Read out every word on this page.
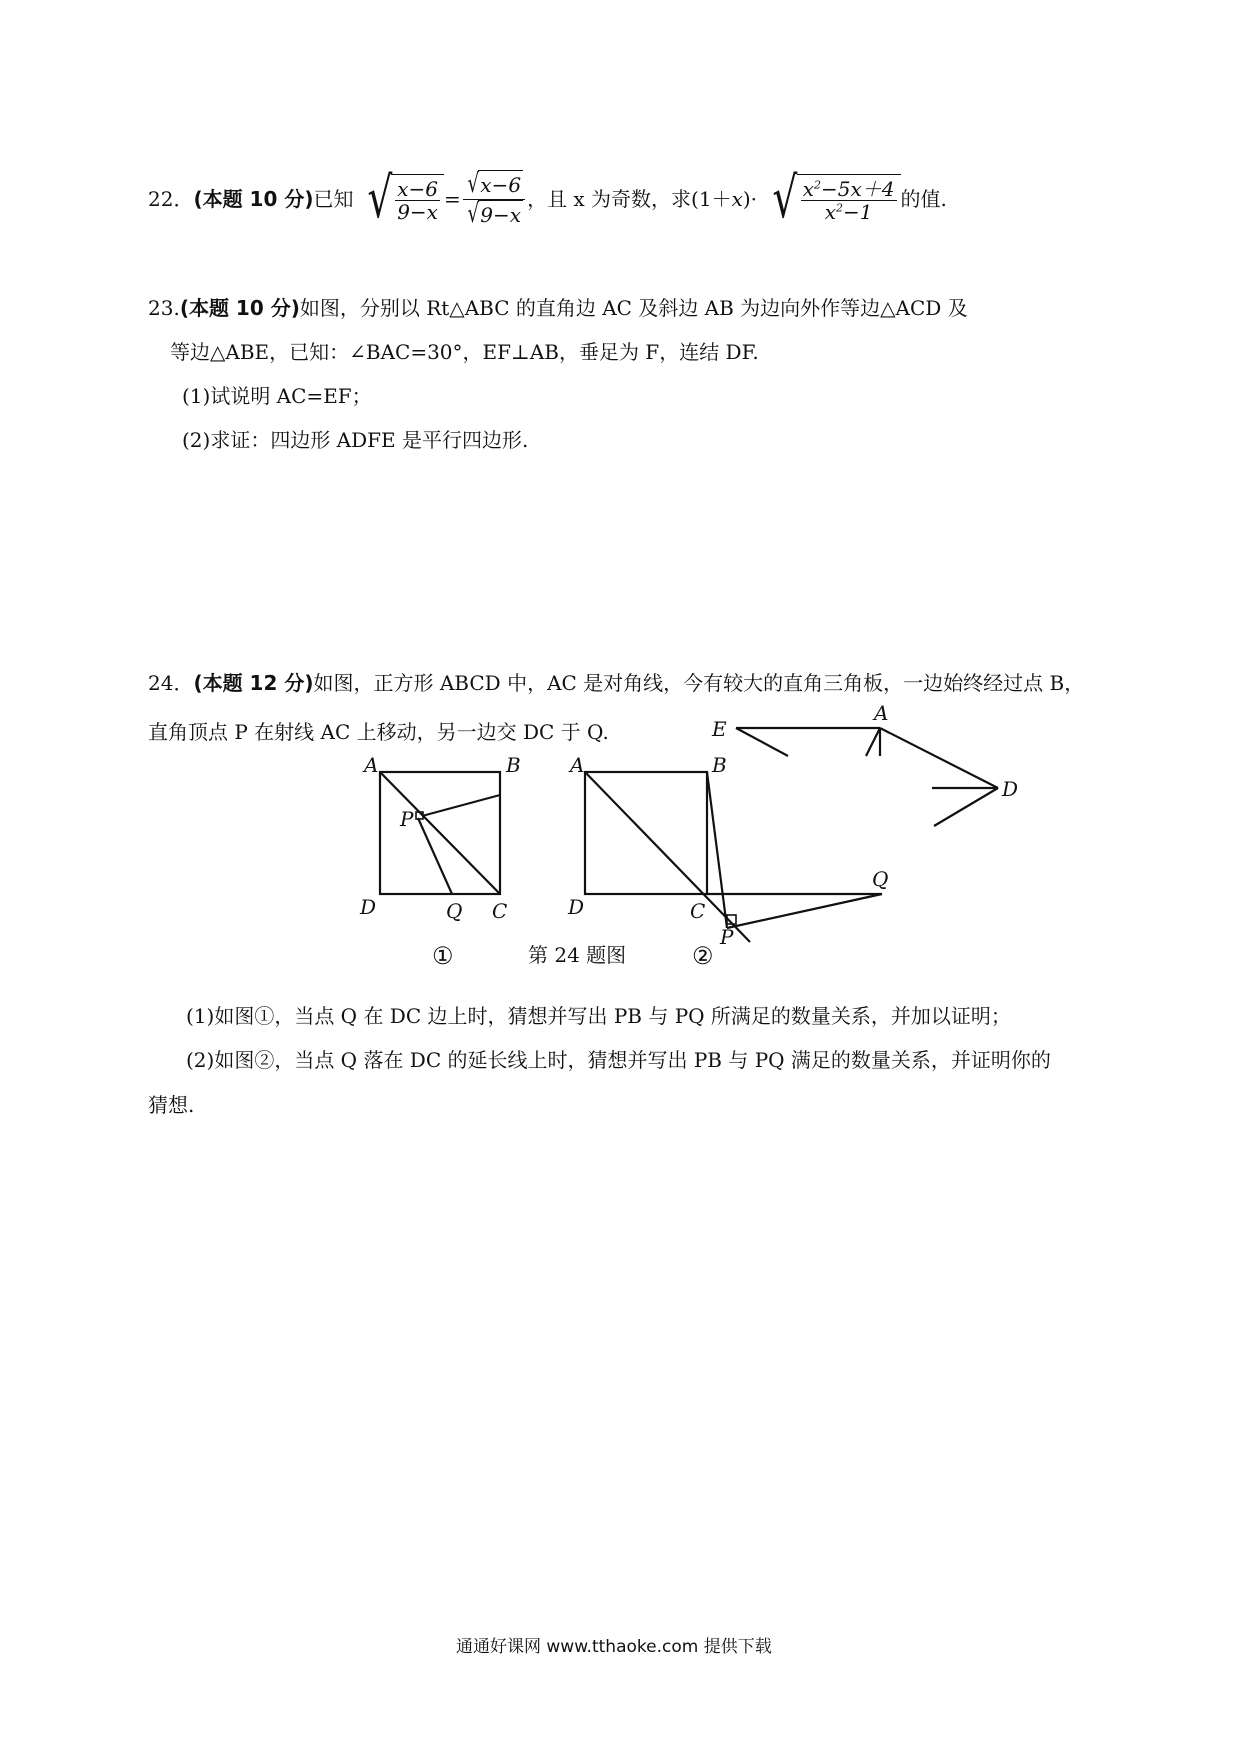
22． (本题 10 分) 已知 √ $\frac{x-6}{9-x} = \frac{√ x-6}{√ 9-x}$ ，且 x 为奇数，求(1＋ x )· √ $\frac{x^2-5x+4}{x^2-1}$ 的值.
23.(本题 10 分)如图，分别以 Rt△ABC 的直角边 AC 及斜边 AB 为边向外作等边△ACD 及
等边△ABE，已知：∠BAC=30°，EF⊥AB，垂足为 F，连结 DF.
(1)试说明 AC=EF；
(2)求证：四边形 ADFE 是平行四边形.
24．(本题 12 分)如图，正方形 ABCD 中，AC 是对角线，今有较大的直角三角板，一边始终经过点 B，
直角顶点 P 在射线 AC 上移动，另一边交 DC 于 Q.	E
A
D
A	B
P
D	Q C
A	B
D	C
P
Q
①	第 24 题图	②
(1)如图①，当点 Q 在 DC 边上时，猜想并写出 PB 与 PQ 所满足的数量关系，并加以证明；
(2)如图②，当点 Q 落在 DC 的延长线上时，猜想并写出 PB 与 PQ 满足的数量关系，并证明你的
猜想.
通通好课网 www.tthaoke.com 提供下载
